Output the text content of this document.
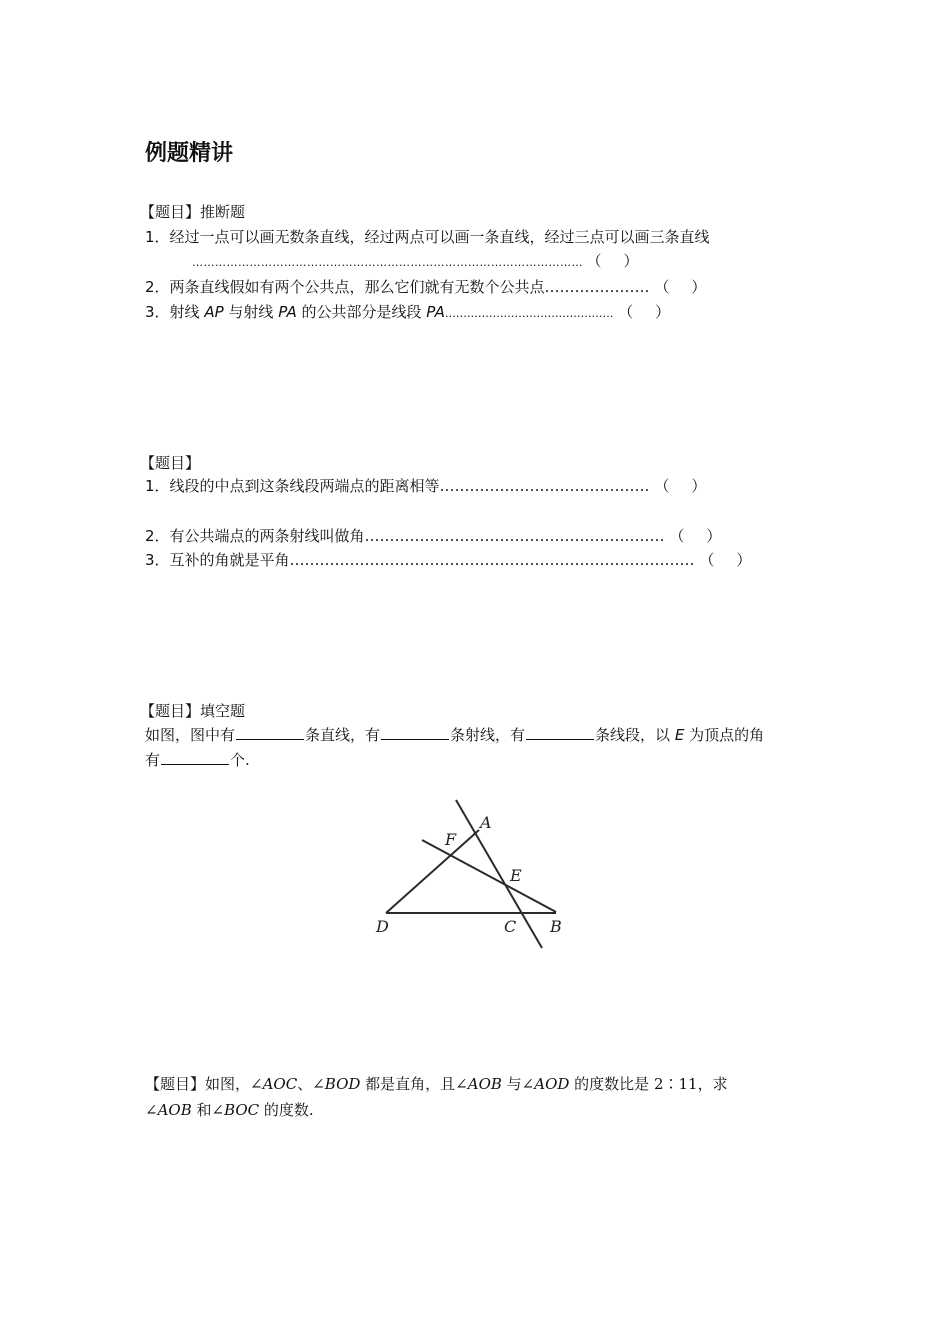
例题精讲
【题目】推断题
1．经过一点可以画无数条直线，经过两点可以画一条直线，经过三点可以画三条直线
………………………………………………………………………………………… （ ）

2．两条直线假如有两个公共点，那么它们就有无数个公共点………………… （ ）

3．射线 AP 与射线 PA 的公共部分是线段 PA………………………………………. （ ）

【题目】
1．线段的中点到这条线段两端点的距离相等…………………………………… （ ）

2．有公共端点的两条射线叫做角…………………………………………………… （ ）

3．互补的角就是平角……………………………………………………………………… （ ）

【题目】填空题
如图，图中有	条直线，有	条射线，有	条线段，以 E 为顶点的角
有	个.
A
F
E
D	C B
【题目】如图，∠AOC、∠BOD 都是直角，且∠AOB 与∠AOD 的度数比是 2∶11，求
∠AOB 和∠BOC 的度数.
